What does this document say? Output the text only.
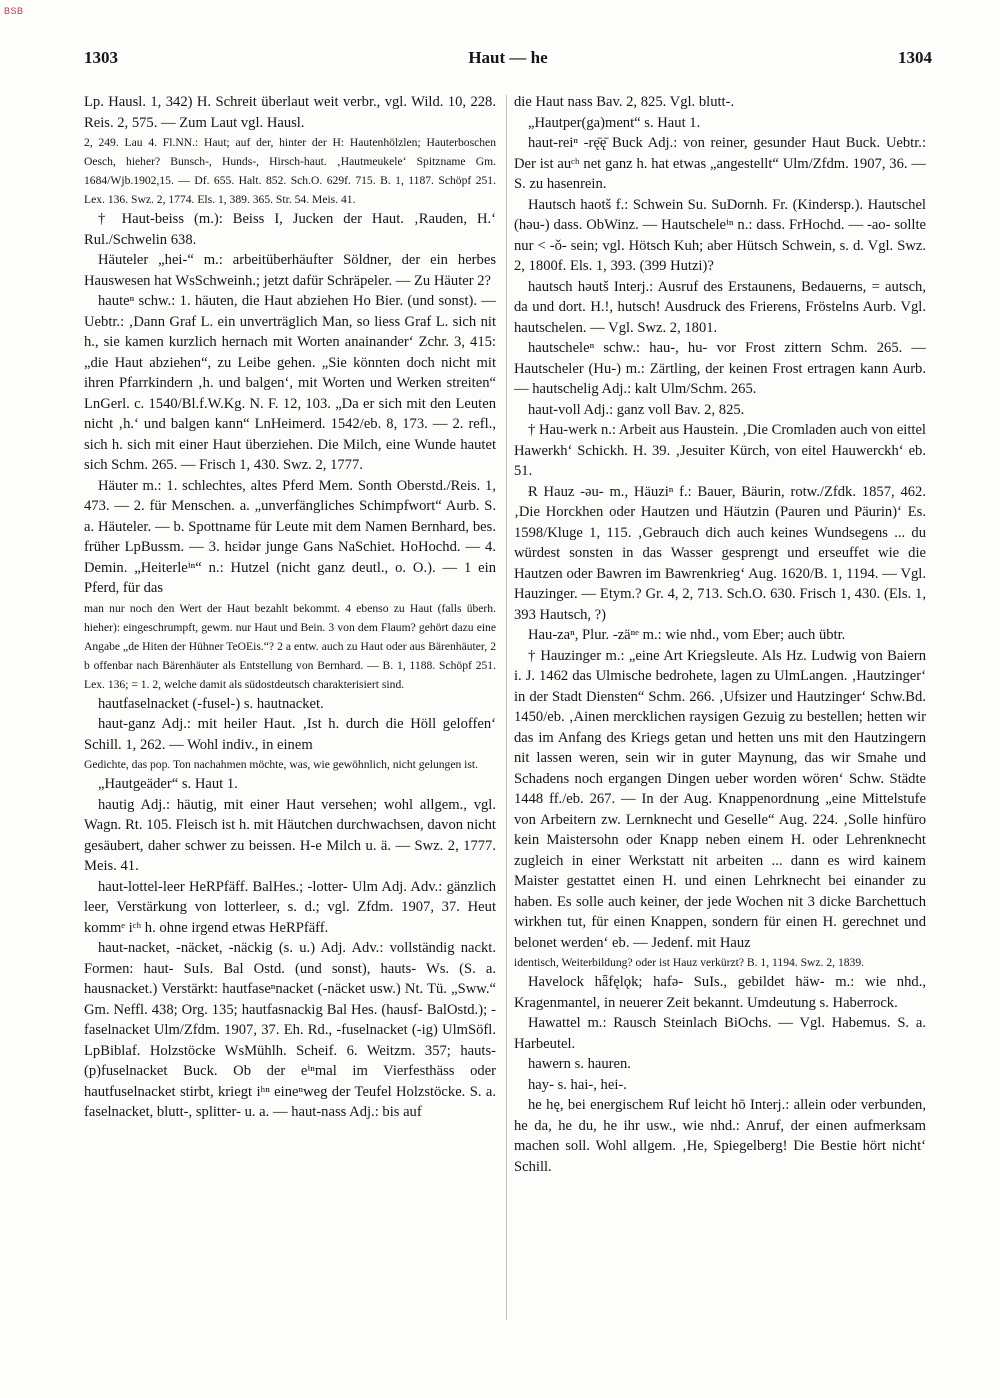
BSB
1303	Haut — he	1304

Lp. Hausl. 1, 342) H. Schreit überlaut weit verbr., vgl. Wild. 10, 228. Reis. 2, 575. — Zum Laut vgl. Hausl.

2, 249. Lau 4. Fl.NN.: Haut; auf der, hinter der H: Hautenhölzlen; Hauterboschen Oesch, hieher? Bunsch-, Hunds-, Hirsch-haut. ‚Hautmeukele‘ Spitzname Gm. 1684/Wjb.1902,15. — Df. 655. Halt. 852. Sch.O. 629f. 715. B. 1, 1187. Schöpf 251. Lex. 136. Swz. 2, 1774. Els. 1, 389. 365. Str. 54. Meis. 41.

† Haut-beiss (m.): Beiss I, Jucken der Haut. ‚Rauden, H.‘ Rul./Schwelin 638.

Häuteler „hei-“ m.: arbeitüberhäufter Söldner, der ein herbes Hauswesen hat WsSchweinh.; jetzt dafür Schräpeler. — Zu Häuter 2?

hauteⁿ schw.: 1. häuten, die Haut abziehen Ho Bier. (und sonst). — Uebtr.: ‚Dann Graf L. ein unverträglich Man, so liess Graf L. sich nit h., sie kamen kurzlich hernach mit Worten anainander‘ Zchr. 3, 415: „die Haut abziehen“, zu Leibe gehen. „Sie könnten doch nicht mit ihren Pfarrkindern ‚h. und balgen‘, mit Worten und Werken streiten“ LnGerl. c. 1540/Bl.f.W.Kg. N. F. 12, 103. „Da er sich mit den Leuten nicht ‚h.‘ und balgen kann“ LnHeimerd. 1542/eb. 8, 173. — 2. refl., sich h. sich mit einer Haut überziehen. Die Milch, eine Wunde hautet sich Schm. 265. — Frisch 1, 430. Swz. 2, 1777.

Häuter m.: 1. schlechtes, altes Pferd Mem. Sonth Oberstd./Reis. 1, 473. — 2. für Menschen. a. „unverfängliches Schimpfwort“ Aurb. S. a. Häuteler. — b. Spottname für Leute mit dem Namen Bernhard, bes. früher LpBussm. — 3. hɛidər junge Gans NaSchiet. HoHochd. — 4. Demin. „Heiterleⁱⁿ“ n.: Hutzel (nicht ganz deutl., o. O.). — 1 ein Pferd, für das

man nur noch den Wert der Haut bezahlt bekommt. 4 ebenso zu Haut (falls überh. hieher): eingeschrumpft, gewm. nur Haut und Bein. 3 von dem Flaum? gehört dazu eine Angabe „de Hiten der Hühner TeOEis.“? 2 a entw. auch zu Haut oder aus Bärenhäuter, 2 b offenbar nach Bärenhäuter als Entstellung von Bernhard. — B. 1, 1188. Schöpf 251. Lex. 136; = 1. 2, welche damit als südostdeutsch charakterisiert sind.

hautfaselnacket (-fusel-) s. hautnacket.

haut-ganz Adj.: mit heiler Haut. ‚Ist h. durch die Höll geloffen‘ Schill. 1, 262. — Wohl indiv., in einem

Gedichte, das pop. Ton nachahmen möchte, was, wie gewöhnlich, nicht gelungen ist.

„Hautgeäder“ s. Haut 1.

hautig Adj.: häutig, mit einer Haut versehen; wohl allgem., vgl. Wagn. Rt. 105. Fleisch ist h. mit Häutchen durchwachsen, davon nicht gesäubert, daher schwer zu beissen. H-e Milch u. ä. — Swz. 2, 1777. Meis. 41.

haut-lottel-leer HeRPfäff. BalHes.; -lotter- Ulm Adj. Adv.: gänzlich leer, Verstärkung von lotterleer, s. d.; vgl. Zfdm. 1907, 37. Heut kommᵉ iᶜʰ h. ohne irgend etwas HeRPfäff.

haut-nacket, -näcket, -näckig (s. u.) Adj. Adv.: vollständig nackt. Formen: haut- SuIs. Bal Ostd. (und sonst), hauts- Ws. (S. a. hausnacket.) Verstärkt: hautfaseⁿnacket (-näcket usw.) Nt. Tü. „Sww.“ Gm. Neffl. 438; Org. 135; hautfasnackig Bal Hes. (hausf- BalOstd.); -faselnacket Ulm/Zfdm. 1907, 37. Eh. Rd., -fuselnacket (-ig) UlmSöfl. LpBiblaf. Holzstöcke WsMühlh. Scheif. 6. Weitzm. 357; hauts-(p)fuselnacket Buck. Ob der eⁱⁿmal im Vierfesthäss oder hautfuselnacket stirbt, kriegt iʰⁿ eineⁿweg der Teufel Holzstöcke. S. a. faselnacket, blutt-, splitter- u. a. — haut-nass Adj.: bis auf

die Haut nass Bav. 2, 825. Vgl. blutt-.

„Hautper(ga)ment“ s. Haut 1.

haut-reiⁿ -rę̄ę̄ Buck Adj.: von reiner, gesunder Haut Buck. Uebtr.: Der ist auᶜʰ net ganz h. hat etwas „angestellt“ Ulm/Zfdm. 1907, 36. — S. zu hasenrein.

Hautsch haotš f.: Schwein Su. SuDornh. Fr. (Kindersp.). Hautschel (həu-) dass. ObWinz. — Hautscheleⁱⁿ n.: dass. FrHochd. — -ao- sollte nur < -ǒ- sein; vgl. Hötsch Kuh; aber Hütsch Schwein, s. d. Vgl. Swz. 2, 1800f. Els. 1, 393. (399 Hutzi)?

hautsch həutš Interj.: Ausruf des Erstaunens, Bedauerns, = autsch, da und dort. H.!, hutsch! Ausdruck des Frierens, Fröstelns Aurb. Vgl. hautschelen. — Vgl. Swz. 2, 1801.

hautscheleⁿ schw.: hau-, hu- vor Frost zittern Schm. 265. — Hautscheler (Hu-) m.: Zärtling, der keinen Frost ertragen kann Aurb. — hautschelig Adj.: kalt Ulm/Schm. 265.

haut-voll Adj.: ganz voll Bav. 2, 825.

† Hau-werk n.: Arbeit aus Haustein. ‚Die Cromladen auch von eittel Hawerkh‘ Schickh. H. 39. ‚Jesuiter Kürch, von eitel Hauwerckh‘ eb. 51.

Ɍ Hauz -əu- m., Häuziⁿ f.: Bauer, Bäurin, rotw./Zfdk. 1857, 462. ‚Die Horckhen oder Hautzen und Häutzin (Pauren und Päurin)‘ Es. 1598/Kluge 1, 115. ‚Gebrauch dich auch keines Wundsegens ... du würdest sonsten in das Wasser gesprengt und erseuffet wie die Hautzen oder Bawren im Bawrenkrieg‘ Aug. 1620/B. 1, 1194. — Vgl. Hauzinger. — Etym.? Gr. 4, 2, 713. Sch.O. 630. Frisch 1, 430. (Els. 1, 393 Hautsch, ?)

Hau-zaⁿ, Plur. -zäⁿᵉ m.: wie nhd., vom Eber; auch übtr.

† Hauzinger m.: „eine Art Kriegsleute. Als Hz. Ludwig von Baiern i. J. 1462 das Ulmische bedrohete, lagen zu UlmLangen. ‚Hautzinger‘ in der Stadt Diensten“ Schm. 266. ‚Ufsizer und Hautzinger‘ Schw.Bd. 1450/eb. ‚Ainen mercklichen raysigen Gezuig zu bestellen; hetten wir das im Anfang des Kriegs getan und hetten uns mit den Hautzingern nit lassen weren, sein wir in guter Maynung, das wir Smahe und Schadens noch ergangen Dingen ueber worden wören‘ Schw. Städte 1448 ff./eb. 267. — In der Aug. Knappenordnung „eine Mittelstufe von Arbeitern zw. Lernknecht und Geselle“ Aug. 224. ‚Solle hinfüro kein Maistersohn oder Knapp neben einem H. oder Lehrenknecht zugleich in einer Werkstatt nit arbeiten ... dann es wird kainem Maister gestattet einen H. und einen Lehrknecht bei einander zu haben. Es solle auch keiner, der jede Wochen nit 3 dicke Barchettuch wirkhen tut, für einen Knappen, sondern für einen H. gerechnet und belonet werden‘ eb. — Jedenf. mit Hauz

identisch, Weiterbildung? oder ist Hauz verkürzt? B. 1, 1194. Swz. 2, 1839.

Havelock hǟfęlǫk; hafə- SuIs., gebildet häw- m.: wie nhd., Kragenmantel, in neuerer Zeit bekannt. Umdeutung s. Haberrock.

Hawattel m.: Rausch Steinlach BiOchs. — Vgl. Habemus. S. a. Harbeutel.

hawern s. hauren.

hay- s. hai-, hei-.

he hę, bei energischem Ruf leicht hō Interj.: allein oder verbunden, he da, he du, he ihr usw., wie nhd.: Anruf, der einen aufmerksam machen soll. Wohl allgem. ‚He, Spiegelberg! Die Bestie hört nicht‘ Schill.
